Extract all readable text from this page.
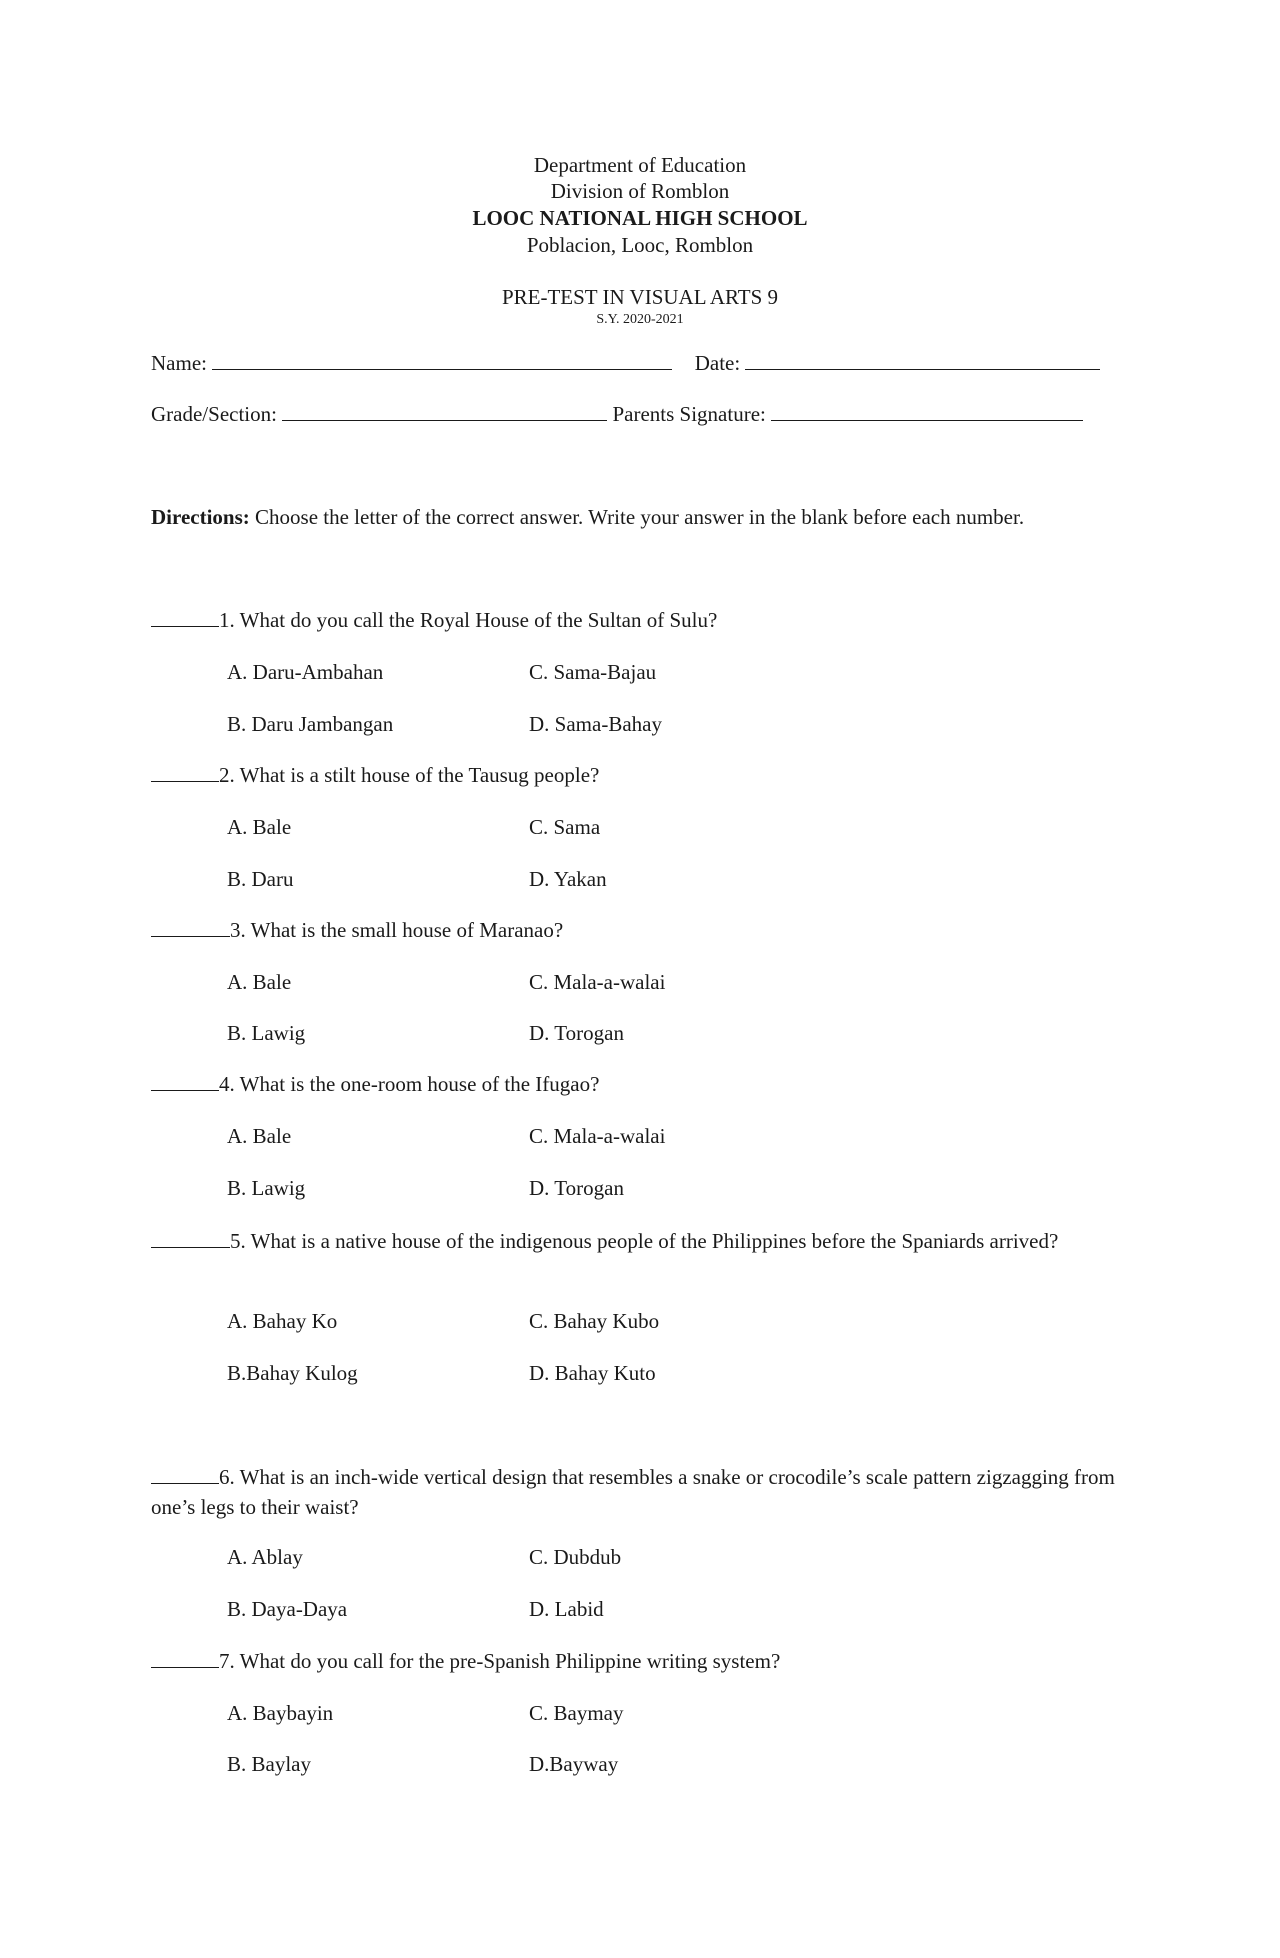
Department of Education
Division of Romblon
LOOC NATIONAL HIGH SCHOOL
Poblacion, Looc, Romblon
PRE-TEST IN VISUAL ARTS 9
S.Y. 2020-2021
Name:	Date:
Grade/Section:	Parents Signature:
Directions: Choose the letter of the correct answer. Write your answer in the blank before each number.
1. What do you call the Royal House of the Sultan of Sulu?
A. Daru-Ambahan	C. Sama-Bajau
B. Daru Jambangan	D. Sama-Bahay
2. What is a stilt house of the Tausug people?
A. Bale	C. Sama
B. Daru	D. Yakan
3. What is the small house of Maranao?
A. Bale	C. Mala-a-walai
B. Lawig	D. Torogan
4. What is the one-room house of the Ifugao?
A. Bale	C. Mala-a-walai
B. Lawig	D. Torogan
5. What is a native house of the indigenous people of the Philippines before the Spaniards arrived?
A. Bahay Ko	C. Bahay Kubo
B.Bahay Kulog	D. Bahay Kuto
6. What is an inch-wide vertical design that resembles a snake or crocodile’s scale pattern zigzagging from one’s legs to their waist?
A. Ablay	C. Dubdub
B. Daya-Daya	D. Labid
7. What do you call for the pre-Spanish Philippine writing system?
A. Baybayin	C. Baymay
B. Baylay	D.Bayway
